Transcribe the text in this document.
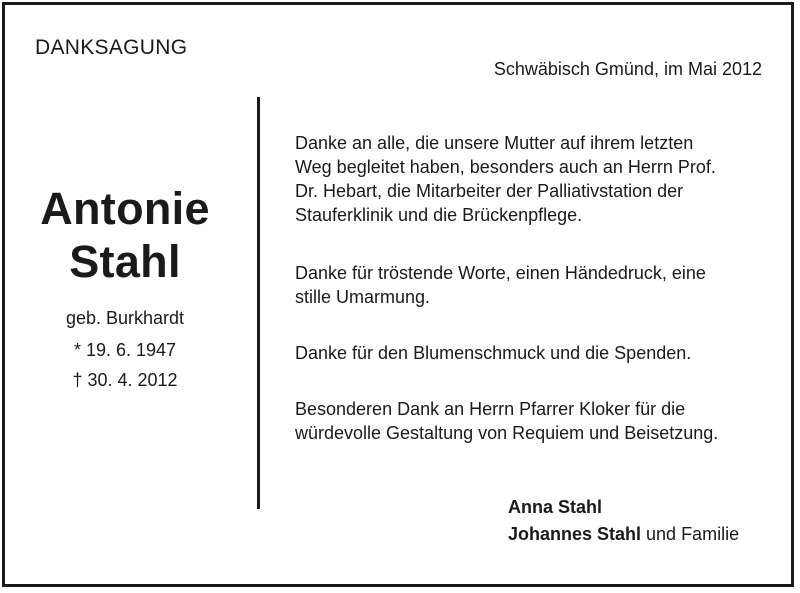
DANKSAGUNG
Schwäbisch Gmünd, im Mai 2012
Antonie
Stahl
geb. Burkhardt
* 19. 6. 1947
† 30. 4. 2012
Danke an alle, die unsere Mutter auf ihrem letzten
Weg begleitet haben, besonders auch an Herrn Prof.
Dr. Hebart, die Mitarbeiter der Palliativstation der
Stauferklinik und die Brückenpflege.
Danke für tröstende Worte, einen Händedruck, eine
stille Umarmung.
Danke für den Blumenschmuck und die Spenden.
Besonderen Dank an Herrn Pfarrer Kloker für die
würdevolle Gestaltung von Requiem und Beisetzung.
Anna Stahl
Johannes Stahl und Familie
